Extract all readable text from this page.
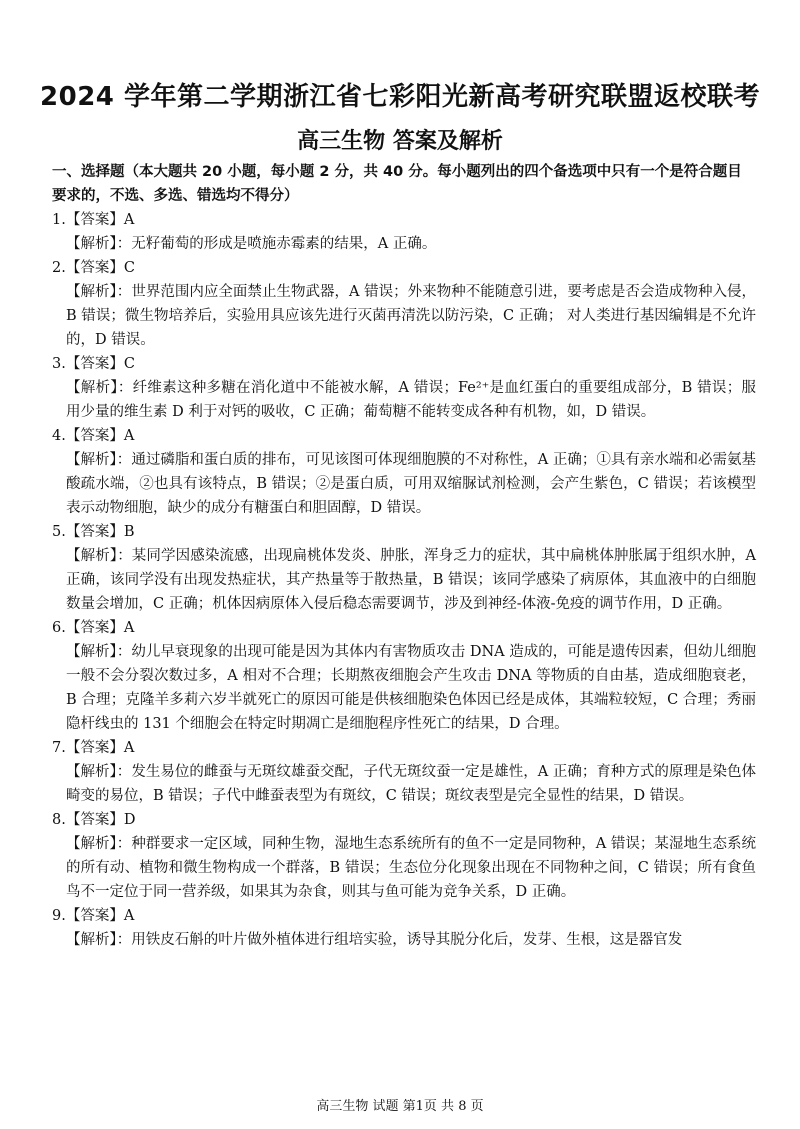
2024 学年第二学期浙江省七彩阳光新高考研究联盟返校联考
高三生物 答案及解析

一、选择题（本大题共 20 小题，每小题 2 分，共 40 分。每小题列出的四个备选项中只有一个是符合题目要求的，不选、多选、错选均不得分）

1.【答案】A

【解析】：无籽葡萄的形成是喷施赤霉素的结果，A 正确。

2.【答案】C

【解析】：世界范围内应全面禁止生物武器，A 错误；外来物种不能随意引进，要考虑是否会造成物种入侵，B 错误；微生物培养后，实验用具应该先进行灭菌再清洗以防污染，C 正确； 对人类进行基因编辑是不允许的，D 错误。

3.【答案】C

【解析】：纤维素这种多糖在消化道中不能被水解，A 错误；Fe²⁺是血红蛋白的重要组成部分，B 错误；服用少量的维生素 D 利于对钙的吸收，C 正确；葡萄糖不能转变成各种有机物，如，D 错误。

4.【答案】A

【解析】：通过磷脂和蛋白质的排布，可见该图可体现细胞膜的不对称性，A 正确；①具有亲水端和必需氨基酸疏水端，②也具有该特点，B 错误；②是蛋白质，可用双缩脲试剂检测，会产生紫色，C 错误；若该模型表示动物细胞，缺少的成分有糖蛋白和胆固醇，D 错误。

5.【答案】B

【解析】：某同学因感染流感，出现扁桃体发炎、肿胀，浑身乏力的症状，其中扁桃体肿胀属于组织水肿，A 正确，该同学没有出现发热症状，其产热量等于散热量，B 错误；该同学感染了病原体，其血液中的白细胞数量会增加，C 正确；机体因病原体入侵后稳态需要调节，涉及到神经-体液-免疫的调节作用，D 正确。

6.【答案】A

【解析】：幼儿早衰现象的出现可能是因为其体内有害物质攻击 DNA 造成的，可能是遗传因素，但幼儿细胞一般不会分裂次数过多，A 相对不合理；长期熬夜细胞会产生攻击 DNA 等物质的自由基，造成细胞衰老，B 合理；克隆羊多莉六岁半就死亡的原因可能是供核细胞染色体因已经是成体，其端粒较短，C 合理；秀丽隐杆线虫的 131 个细胞会在特定时期凋亡是细胞程序性死亡的结果，D 合理。

7.【答案】A

【解析】：发生易位的雌蚕与无斑纹雄蚕交配，子代无斑纹蚕一定是雄性，A 正确；育种方式的原理是染色体畸变的易位，B 错误；子代中雌蚕表型为有斑纹，C 错误；斑纹表型是完全显性的结果，D 错误。

8.【答案】D

【解析】：种群要求一定区域，同种生物，湿地生态系统所有的鱼不一定是同物种，A 错误；某湿地生态系统的所有动、植物和微生物构成一个群落，B 错误；生态位分化现象出现在不同物种之间，C 错误；所有食鱼鸟不一定位于同一营养级，如果其为杂食，则其与鱼可能为竞争关系，D 正确。

9.【答案】A

【解析】：用铁皮石斛的叶片做外植体进行组培实验，诱导其脱分化后，发芽、生根，这是器官发

高三生物 试题 第1页 共 8 页
